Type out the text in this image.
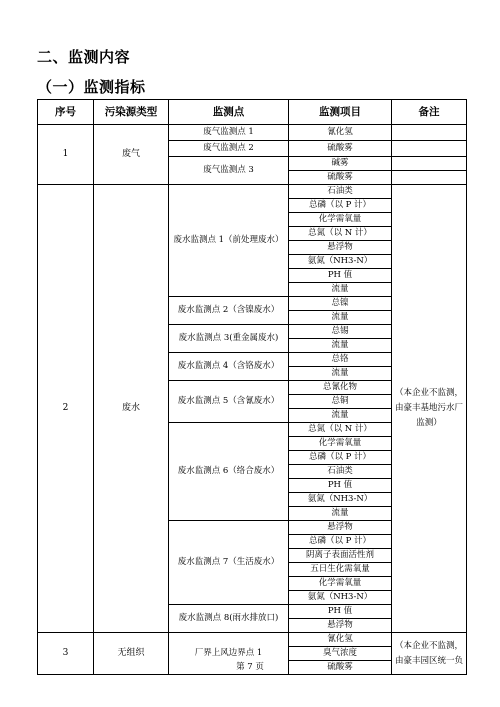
二、监测内容
（一）监测指标
序号	污染源类型	监测点	监测项目	备注
1	废气	废气监测点 1	氰化氢	
		废气监测点 2	硫酸雾	
		废气监测点 3	碱雾	
			硫酸雾	
2	废水	废水监测点 1（前处理废水）	石油类	（本企业不监测，由豪丰基地污水厂监测）
			总磷（以 P 计）	
			化学需氧量	
			总氮（以 N 计）	
			悬浮物	
			氨氮（NH3-N）	
			PH 值	
			流量	
		废水监测点 2（含镍废水）	总镍	
			流量	
		废水监测点 3(重金属废水)	总锡	
			流量	
		废水监测点 4（含铬废水）	总铬	
			流量	
		废水监测点 5（含氰废水）	总氰化物	
			总铜	
			流量	
		废水监测点 6（络合废水）	总氮（以 N 计）	
			化学需氧量	
			总磷（以 P 计）	
			石油类	
			PH 值	
			氨氮（NH3-N）	
			流量	
		废水监测点 7（生活废水）	悬浮物	
			总磷（以 P 计）	
			阴离子表面活性剂	
			五日生化需氧量	
			化学需氧量	
			氨氮（NH3-N）	
		废水监测点 8(雨水排放口)	PH 值	
			悬浮物	
3	无组织	厂界上风边界点 1	氰化氢	（本企业不监测，由豪丰园区统一负
			臭气浓度	
			硫酸雾	
第 7 页
